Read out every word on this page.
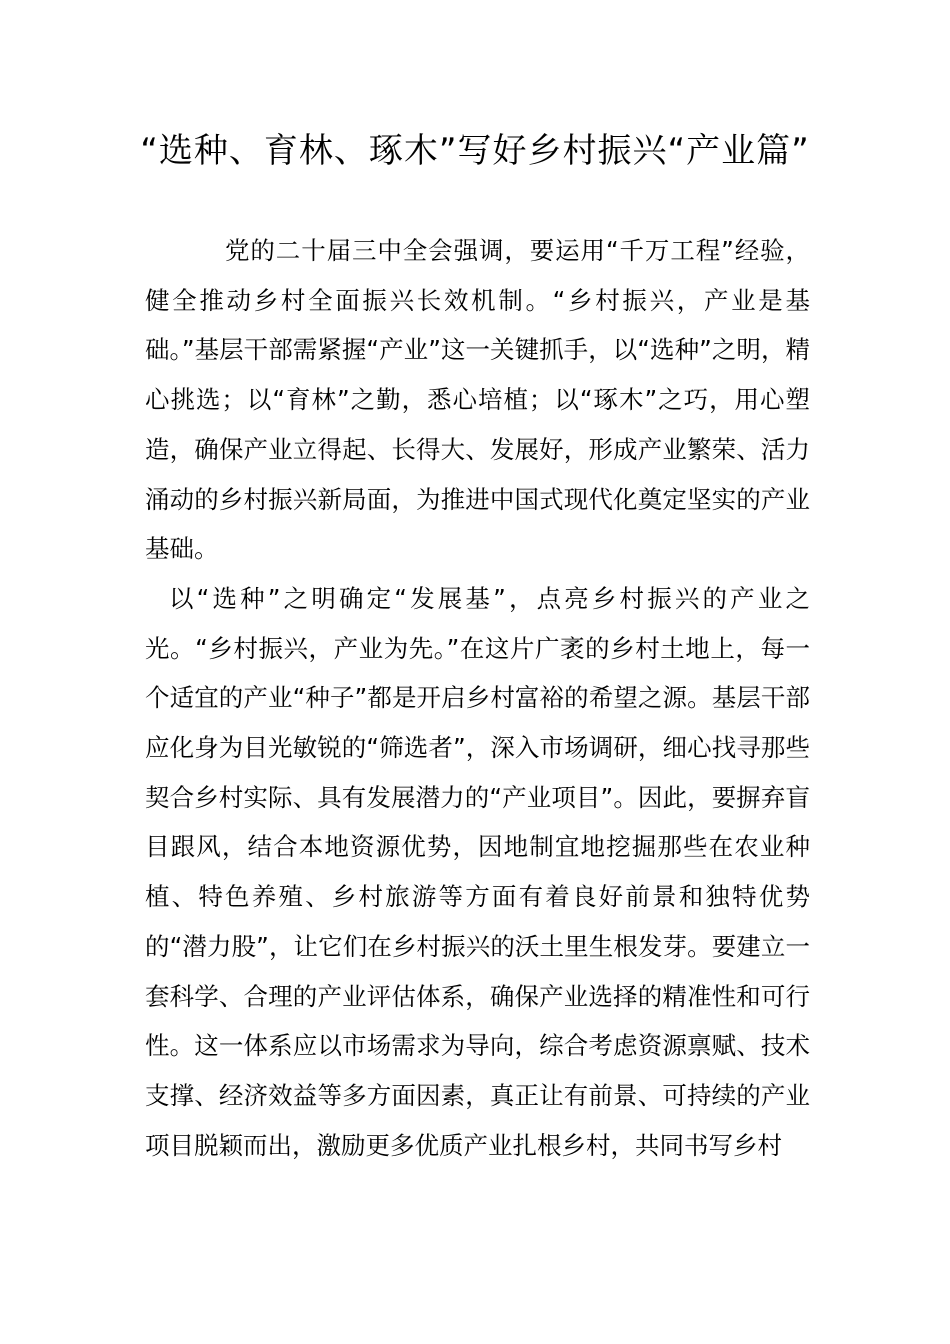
“选种、育林、琢木”写好乡村振兴“产业篇”

党的二十届三中全会强调，要运用“千万工程”经验，健全推动乡村全面振兴长效机制。“乡村振兴，产业是基础。”基层干部需紧握“产业”这一关键抓手，以“选种”之明，精心挑选；以“育林”之勤，悉心培植；以“琢木”之巧，用心塑造，确保产业立得起、长得大、发展好，形成产业繁荣、活力涌动的乡村振兴新局面，为推进中国式现代化奠定坚实的产业基础。

以“选种”之明确定“发展基”，点亮乡村振兴的产业之光。“乡村振兴，产业为先。”在这片广袤的乡村土地上，每一个适宜的产业“种子”都是开启乡村富裕的希望之源。基层干部应化身为目光敏锐的“筛选者”，深入市场调研，细心找寻那些契合乡村实际、具有发展潜力的“产业项目”。因此，要摒弃盲目跟风，结合本地资源优势，因地制宜地挖掘那些在农业种植、特色养殖、乡村旅游等方面有着良好前景和独特优势的“潜力股”，让它们在乡村振兴的沃土里生根发芽。要建立一套科学、合理的产业评估体系，确保产业选择的精准性和可行性。这一体系应以市场需求为导向，综合考虑资源禀赋、技术支撑、经济效益等多方面因素，真正让有前景、可持续的产业项目脱颖而出，激励更多优质产业扎根乡村，共同书写乡村
